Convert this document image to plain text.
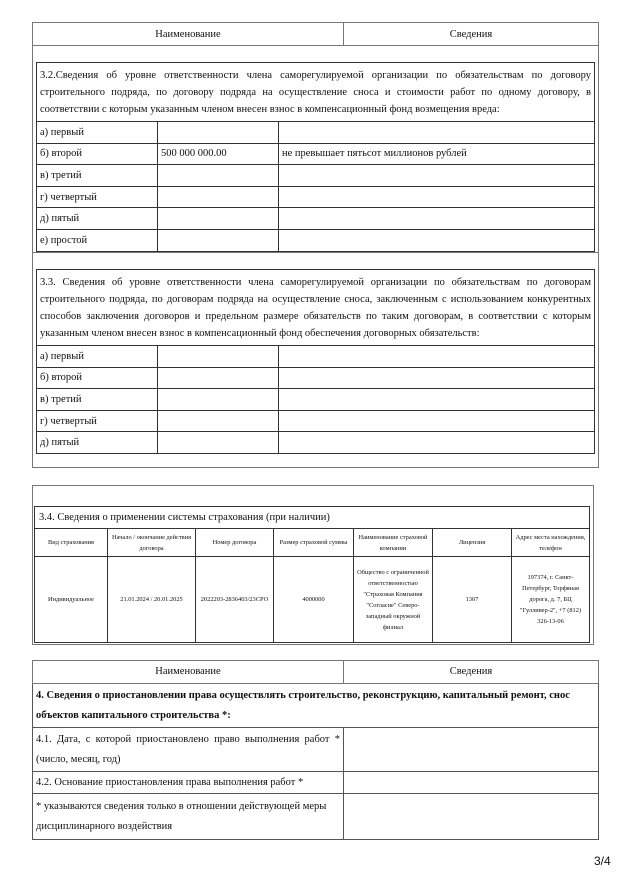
Наименование	Сведения
3.2.Сведения об уровне ответственности члена саморегулируемой организации по обязательствам по договору строительного подряда, по договору подряда на осуществление сноса и стоимости работ по одному договору, в соответствии с которым указанным членом внесен взнос в компенсационный фонд возмещения вреда:		

а) первый		
б) второй	500 000 000.00	не превышает пятьсот миллионов рублей
в) третий		
г) четвертый		
д) пятый		
е) простой		
3.3. Сведения об уровне ответственности члена саморегулируемой организации по обязательствам по договорам строительного подряда, по договорам подряда на осуществление сноса, заключенным с использованием конкурентных способов заключения договоров и предельном размере обязательств по таким договорам, в соответствии с которым указанным членом внесен взнос в компенсационный фонд обеспечения договорных обязательств:		

а) первый		
б) второй		
в) третий		
г) четвертый		
д) пятый		
3.4. Сведения о применении системы страхования (при наличии)						
Вид страхования	Начало / окончание действия договора	Номер договора	Размер страховой суммы	Наименование страховой компании	Лицензия	Адрес места нахождения, телефон
Индивидуальное	21.01.2024 / 20.01.2025	2022203-2836403/23СРО	4000000	Общество с ограниченной ответственностью "Страховая Компания "Согласие" Северо-западный окружной филиал	1307	197374, г. Санкт-Петербург, Торфяная дорога, д. 7, БЦ "Гулливер-2", +7 (812) 326-13-06
Наименование	Сведения
4. Сведения о приостановлении права осуществлять строительство, реконструкцию, капитальный ремонт, снос объектов капитального строительства *:	
4.1. Дата, с которой приостановлено право выполнения работ * (число, месяц, год)	
4.2. Основание приостановления права выполнения работ *	
* указываются сведения только в отношении действующей меры дисциплинарного воздействия	
3/4
